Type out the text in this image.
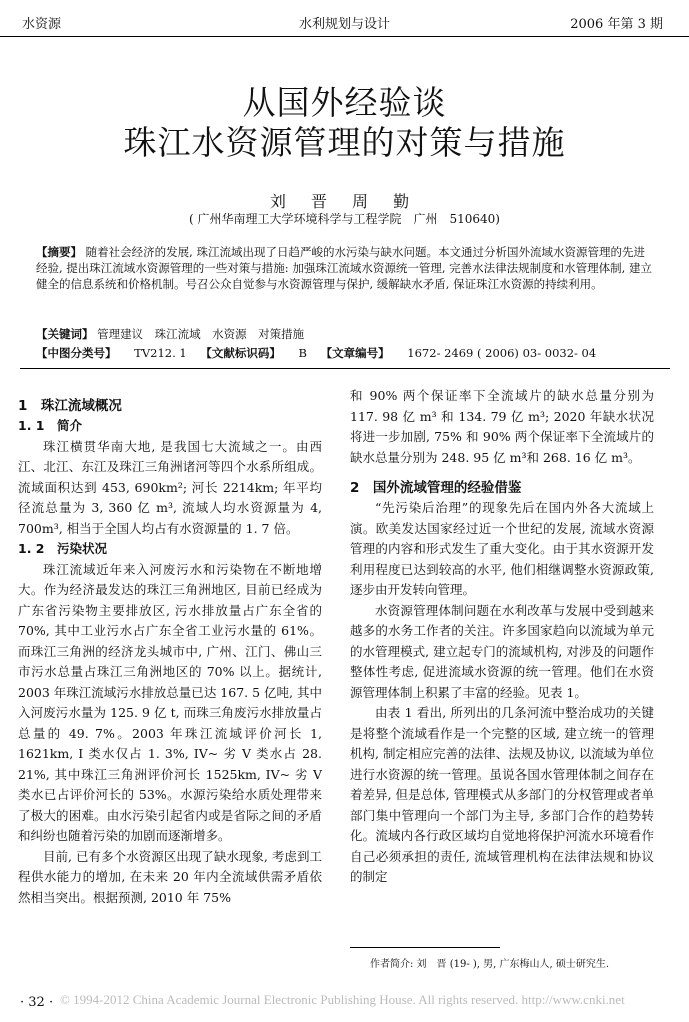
水资源	水利规划与设计	2006 年第 3 期
从国外经验谈
珠江水资源管理的对策与措施
刘 晋 周 勤
( 广州华南理工大学环境科学与工程学院　广州　510640)
【摘要】 随着社会经济的发展, 珠江流域出现了日趋严峻的水污染与缺水问题。本文通过分析国外流域水资源管理的先进经验, 提出珠江流域水资源管理的一些对策与措施: 加强珠江流域水资源统一管理, 完善水法律法规制度和水管理体制, 建立健全的信息系统和价格机制。号召公众自觉参与水资源管理与保护, 缓解缺水矛盾, 保证珠江水资源的持续利用。
【关键词】 管理建议　珠江流域　水资源　对策措施
【中图分类号】 TV212. 1 【文献标识码】 B 【文章编号】 1672- 2469 ( 2006) 03- 0032- 04

1　珠江流域概况

1. 1　简介

珠江横贯华南大地, 是我国七大流域之一。由西江、北江、东江及珠江三角洲诸河等四个水系所组成。流域面积达到 453, 690km²; 河长 2214km; 年平均径流总量为 3, 360 亿 m³, 流域人均水资源量为 4, 700m³, 相当于全国人均占有水资源量的 1. 7 倍。

1. 2　污染状况

珠江流域近年来入河废污水和污染物在不断地增大。作为经济最发达的珠江三角洲地区, 目前已经成为广东省污染物主要排放区, 污水排放量占广东全省的 70%, 其中工业污水占广东全省工业污水量的 61%。而珠江三角洲的经济龙头城市中, 广州、江门、佛山三市污水总量占珠江三角洲地区的 70% 以上。据统计, 2003 年珠江流域污水排放总量已达 167. 5 亿吨, 其中入河废污水量为 125. 9 亿 t, 而珠三角废污水排放量占总量的 49. 7%。2003 年珠江流域评价河长 1, 1621km, I 类水仅占 1. 3%, IV~ 劣 V 类水占 28. 21%, 其中珠江三角洲评价河长 1525km, IV~ 劣 V 类水已占评价河长的 53%。水源污染给水质处理带来了极大的困难。由水污染引起省内或是省际之间的矛盾和纠纷也随着污染的加剧而逐渐增多。

目前, 已有多个水资源区出现了缺水现象, 考虑到工程供水能力的增加, 在未来 20 年内全流域供需矛盾依然相当突出。根据预测, 2010 年 75%

和 90% 两个保证率下全流域片的缺水总量分别为 117. 98 亿 m³ 和 134. 79 亿 m³; 2020 年缺水状况将进一步加剧, 75% 和 90% 两个保证率下全流域片的缺水总量分别为 248. 95 亿 m³和 268. 16 亿 m³。

2　国外流域管理的经验借鉴

“先污染后治理”的现象先后在国内外各大流域上演。欧美发达国家经过近一个世纪的发展, 流域水资源管理的内容和形式发生了重大变化。由于其水资源开发利用程度已达到较高的水平, 他们相继调整水资源政策, 逐步由开发转向管理。

水资源管理体制问题在水利改革与发展中受到越来越多的水务工作者的关注。许多国家趋向以流域为单元的水管理模式, 建立起专门的流域机构, 对涉及的问题作整体性考虑, 促进流域水资源的统一管理。他们在水资源管理体制上积累了丰富的经验。见表 1。

由表 1 看出, 所列出的几条河流中整治成功的关键是将整个流域看作是一个完整的区域, 建立统一的管理机构, 制定相应完善的法律、法规及协议, 以流域为单位进行水资源的统一管理。虽说各国水管理体制之间存在着差异, 但是总体, 管理模式从多部门的分权管理或者单部门集中管理向一个部门为主导, 多部门合作的趋势转化。流域内各行政区域均自觉地将保护河流水环境看作自己必须承担的责任, 流域管理机构在法律法规和协议的制定

作者简介: 刘　晋 (19- ), 男, 广东梅山人, 硕士研究生.
© 1994-2012 China Academic Journal Electronic Publishing House. All rights reserved. http://www.cnki.net
· 32 ·
